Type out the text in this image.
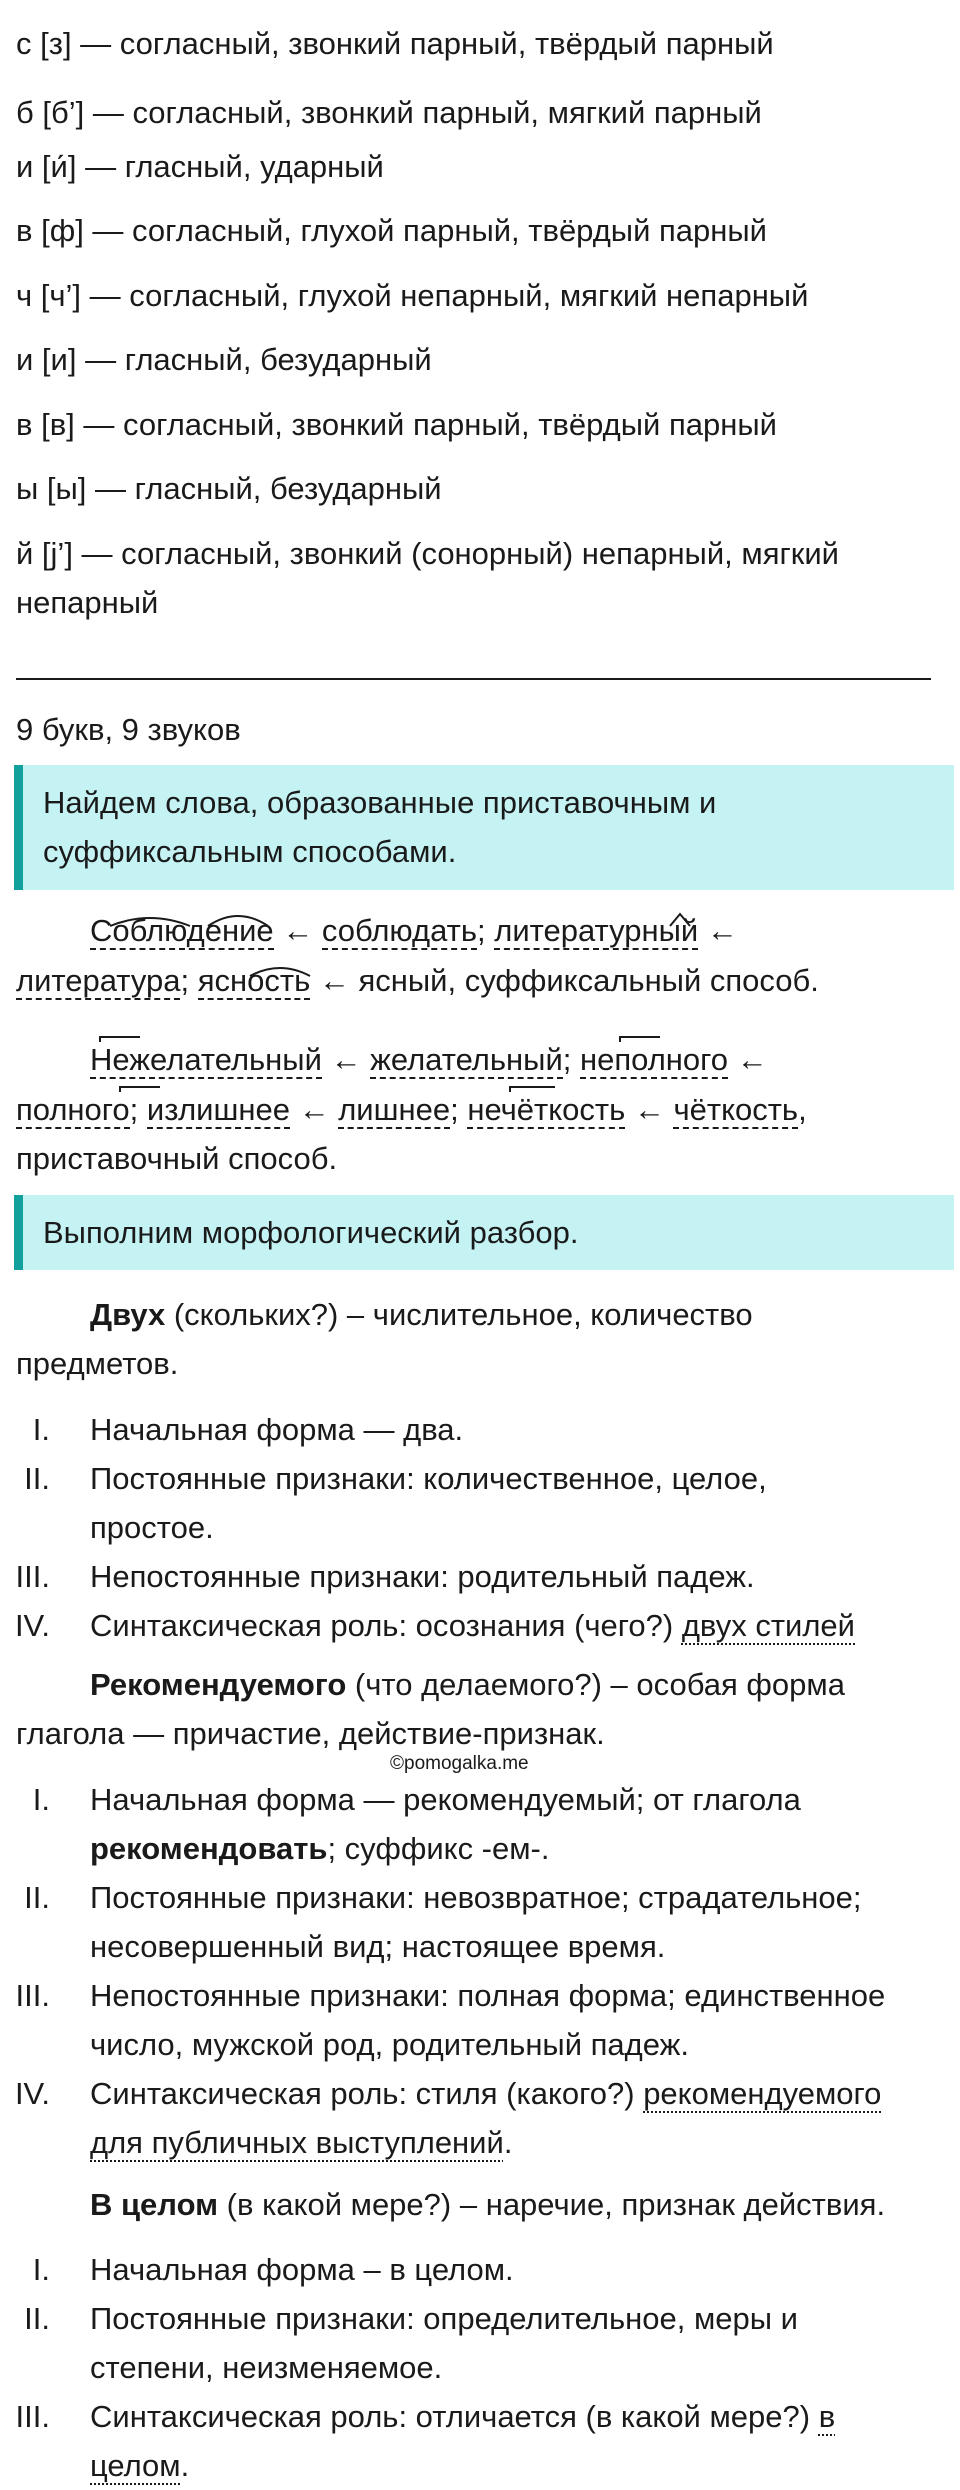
с [з] — согласный, звонкий парный, твёрдый парный
б [б’] — согласный, звонкий парный, мягкий парный
и [и́] — гласный, ударный
в [ф] — согласный, глухой парный, твёрдый парный
ч [ч’] — согласный, глухой непарный, мягкий непарный
и [и] — гласный, безударный
в [в] — согласный, звонкий парный, твёрдый парный
ы [ы] — гласный, безударный
й [j’] — согласный, звонкий (сонорный) непарный, мягкий
непарный
9 букв, 9 звуков
Найдем слова, образованные приставочным и
суффиксальным способами.
Соблюдение ← соблюдать; литературный ←
литература; ясность ← ясный, суффиксальный способ.
Нежелательный ← желательный; неполного ←
полного; излишнее ← лишнее; нечёткость ← чёткость,
приставочный способ.
Выполним морфологический разбор.
Двух (скольких?) – числительное, количество
предметов.
I. Начальная форма — два.
II. Постоянные признаки: количественное, целое,
простое.
III. Непостоянные признаки: родительный падеж.
IV. Синтаксическая роль: осознания (чего?) двух стилей
Рекомендуемого (что делаемого?) – особая форма
глагола — причастие, действие-признак.
©pomogalka.me
I. Начальная форма — рекомендуемый; от глагола
рекомендовать; суффикс -ем-.
II. Постоянные признаки: невозвратное; страдательное;
несовершенный вид; настоящее время.
III. Непостоянные признаки: полная форма; единственное
число, мужской род, родительный падеж.
IV. Синтаксическая роль: стиля (какого?) рекомендуемого
для публичных выступлений.
В целом (в какой мере?) – наречие, признак действия.
I. Начальная форма – в целом.
II. Постоянные признаки: определительное, меры и
степени, неизменяемое.
III. Синтаксическая роль: отличается (в какой мере?) в
целом.
